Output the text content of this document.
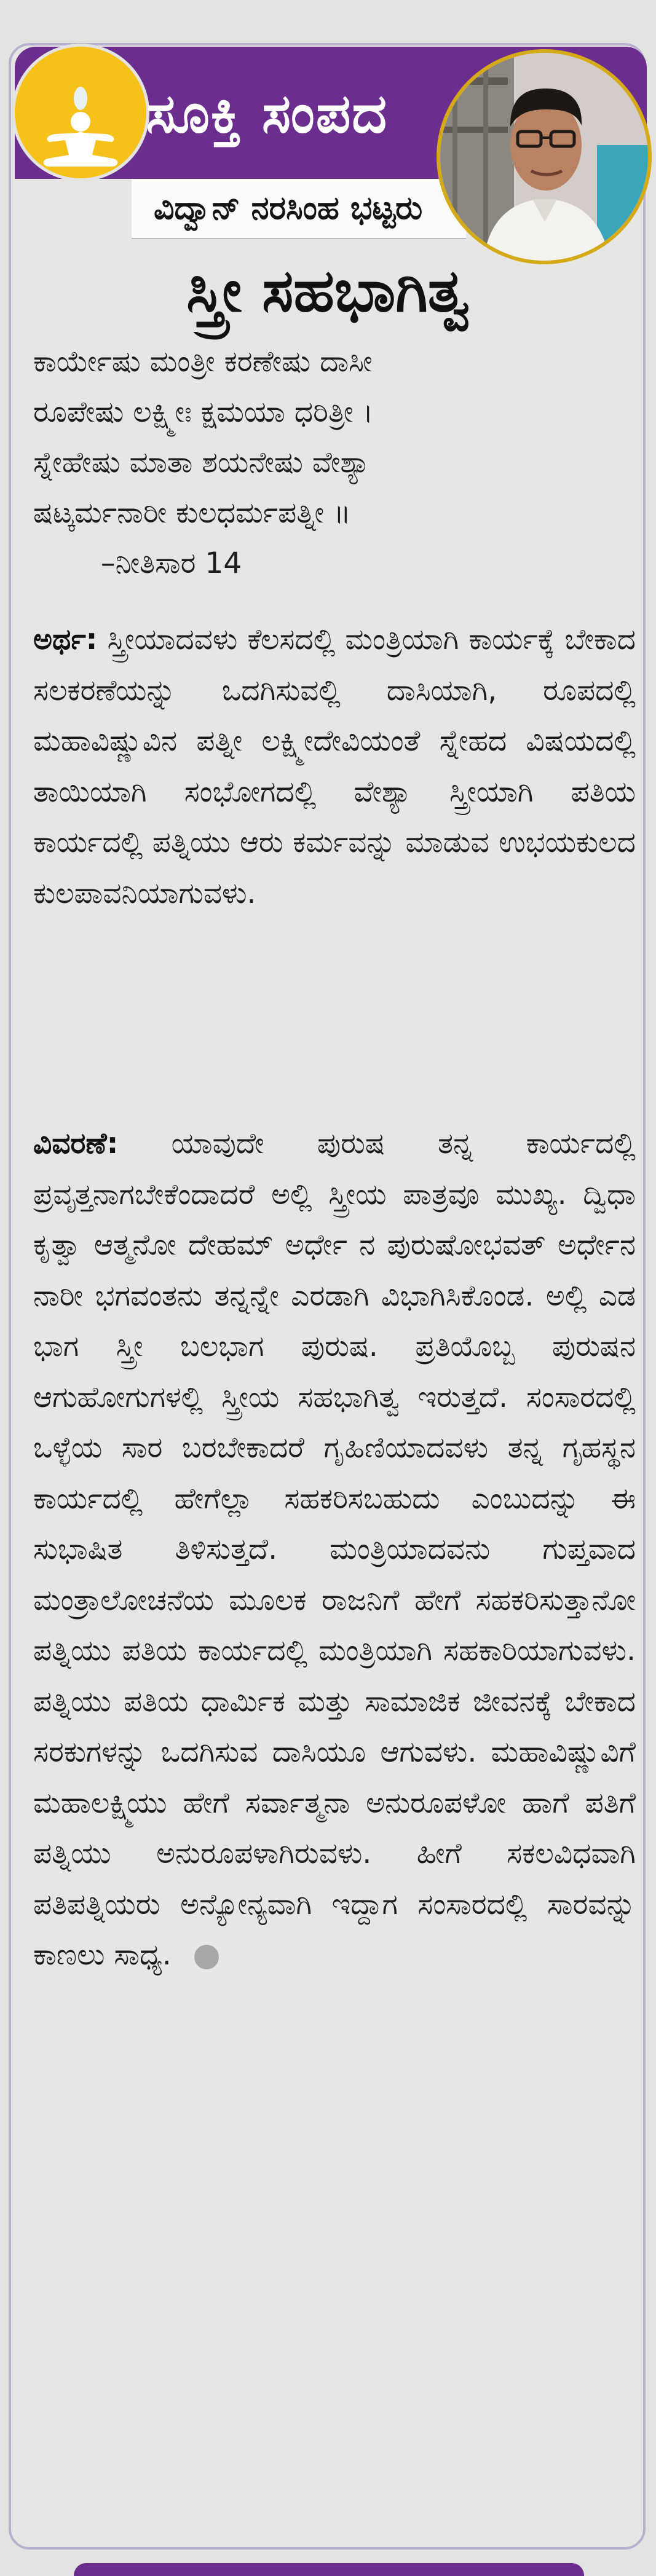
ಸೂಕ್ತಿ ಸಂಪದ
ವಿದ್ವಾನ್ ನರಸಿಂಹ ಭಟ್ಟರು
ಸ್ತ್ರೀ ಸಹಭಾಗಿತ್ವ
ಕಾರ್ಯೇಷು ಮಂತ್ರೀ ಕರಣೇಷು ದಾಸೀ
ರೂಪೇಷು ಲಕ್ಷ್ಮೀಃ ಕ್ಷಮಯಾ ಧರಿತ್ರೀ ।
ಸ್ನೇಹೇಷು ಮಾತಾ ಶಯನೇಷು ವೇಶ್ಯಾ
ಷಟ್ಕರ್ಮನಾರೀ ಕುಲಧರ್ಮಪತ್ನೀ ॥
–ನೀತಿಸಾರ 14
ಅರ್ಥ: ಸ್ತ್ರೀಯಾದವಳು ಕೆಲಸದಲ್ಲಿ ಮಂತ್ರಿಯಾಗಿ ಕಾರ್ಯಕ್ಕೆ ಬೇಕಾದ ಸಲಕರಣೆಯನ್ನು ಒದಗಿಸುವಲ್ಲಿ ದಾಸಿಯಾಗಿ, ರೂಪದಲ್ಲಿ ಮಹಾವಿಷ್ಣುವಿನ ಪತ್ನೀ ಲಕ್ಷ್ಮೀದೇವಿಯಂತೆ ಸ್ನೇಹದ ವಿಷಯದಲ್ಲಿ ತಾಯಿಯಾಗಿ ಸಂಭೋಗದಲ್ಲಿ ವೇಶ್ಯಾ ಸ್ತ್ರೀಯಾಗಿ ಪತಿಯ ಕಾರ್ಯದಲ್ಲಿ ಪತ್ನಿಯು ಆರು ಕರ್ಮವನ್ನು ಮಾಡುವ ಉಭಯಕುಲದ ಕುಲಪಾವನಿಯಾಗುವಳು.
ವಿವರಣೆ: ಯಾವುದೇ ಪುರುಷ ತನ್ನ ಕಾರ್ಯದಲ್ಲಿ ಪ್ರವೃತ್ತನಾಗಬೇಕೆಂದಾದರೆ ಅಲ್ಲಿ ಸ್ತ್ರೀಯ ಪಾತ್ರವೂ ಮುಖ್ಯ. ದ್ವಿಧಾ ಕೃತ್ವಾ ಆತ್ಮನೋ ದೇಹಮ್ ಅರ್ಧೇ ನ ಪುರುಷೋಭವತ್ ಅರ್ಧೇನ ನಾರೀ ಭಗವಂತನು ತನ್ನನ್ನೇ ಎರಡಾಗಿ ವಿಭಾಗಿಸಿಕೊಂಡ. ಅಲ್ಲಿ ಎಡ ಭಾಗ ಸ್ತ್ರೀ ಬಲಭಾಗ ಪುರುಷ. ಪ್ರತಿಯೊಬ್ಬ ಪುರುಷನ ಆಗುಹೋಗುಗಳಲ್ಲಿ ಸ್ತ್ರೀಯ ಸಹಭಾಗಿತ್ವ ಇರುತ್ತದೆ. ಸಂಸಾರದಲ್ಲಿ ಒಳ್ಳೆಯ ಸಾರ ಬರಬೇಕಾದರೆ ಗೃಹಿಣಿಯಾದವಳು ತನ್ನ ಗೃಹಸ್ಥನ ಕಾರ್ಯದಲ್ಲಿ ಹೇಗೆಲ್ಲಾ ಸಹಕರಿಸಬಹುದು ಎಂಬುದನ್ನು ಈ ಸುಭಾಷಿತ ತಿಳಿಸುತ್ತದೆ. ಮಂತ್ರಿಯಾದವನು ಗುಪ್ತವಾದ ಮಂತ್ರಾಲೋಚನೆಯ ಮೂಲಕ ರಾಜನಿಗೆ ಹೇಗೆ ಸಹಕರಿಸುತ್ತಾನೋ ಪತ್ನಿಯು ಪತಿಯ ಕಾರ್ಯದಲ್ಲಿ ಮಂತ್ರಿಯಾಗಿ ಸಹಕಾರಿಯಾಗುವಳು. ಪತ್ನಿಯು ಪತಿಯ ಧಾರ್ಮಿಕ ಮತ್ತು ಸಾಮಾಜಿಕ ಜೀವನಕ್ಕೆ ಬೇಕಾದ ಸರಕುಗಳನ್ನು ಒದಗಿಸುವ ದಾಸಿಯೂ ಆಗುವಳು. ಮಹಾವಿಷ್ಣುವಿಗೆ ಮಹಾಲಕ್ಷ್ಮಿಯು ಹೇಗೆ ಸರ್ವಾತ್ಮನಾ ಅನುರೂಪಳೋ ಹಾಗೆ ಪತಿಗೆ ಪತ್ನಿಯು ಅನುರೂಪಳಾಗಿರುವಳು. ಹೀಗೆ ಸಕಲವಿಧವಾಗಿ ಪತಿಪತ್ನಿಯರು ಅನ್ಯೋನ್ಯವಾಗಿ ಇದ್ದಾಗ ಸಂಸಾರದಲ್ಲಿ ಸಾರವನ್ನು ಕಾಣಲು ಸಾಧ್ಯ.
